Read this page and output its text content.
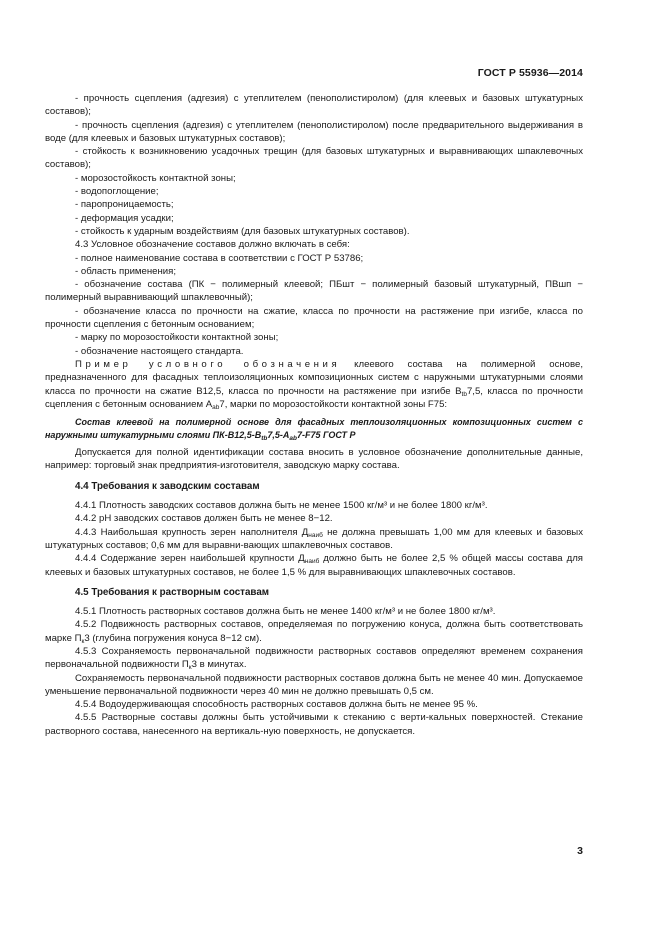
ГОСТ Р 55936—2014

- прочность сцепления (адгезия) с утеплителем (пенополистиролом) (для клеевых и базовых штукатурных составов);

- прочность сцепления (адгезия) с утеплителем (пенополистиролом) после предварительного выдерживания в воде (для клеевых и базовых штукатурных составов);

- стойкость к возникновению усадочных трещин (для базовых штукатурных и выравнивающих шпаклевочных составов);

- морозостойкость контактной зоны;

- водопоглощение;

- паропроницаемость;

- деформация усадки;

- стойкость к ударным воздействиям (для базовых штукатурных составов).

4.3 Условное обозначение составов должно включать в себя:

- полное наименование состава в соответствии с ГОСТ Р 53786;

- область применения;

- обозначение состава (ПК − полимерный клеевой; ПБшт − полимерный базовый штукатурный, ПВшп − полимерный выравнивающий шпаклевочный);

- обозначение класса по прочности на сжатие, класса по прочности на растяжение при изгибе, класса по прочности сцепления с бетонным основанием;

- марку по морозостойкости контактной зоны;

- обозначение настоящего стандарта.

Пример условного обозначения клеевого состава на полимерной основе, предназначенного для фасадных теплоизоляционных композиционных систем с наружными штукатурными слоями класса по прочности на сжатие B12,5, класса по прочности на растяжение при изгибе $B_{tb}7,5$, класса по прочности сцепления с бетонным основанием $A_{ab}7$, марки по морозостойкости контактной зоны F75:

Состав клеевой на полимерной основе для фасадных теплоизоляционных композиционных систем с наружными штукатурными слоями $ПК-B12,5-B_{tb}7,5-A_{ab}7-F75$ ГОСТ Р

Допускается для полной идентификации состава вносить в условное обозначение дополнительные данные, например: торговый знак предприятия-изготовителя, заводскую марку состава.

4.4 Требования к заводским составам

4.4.1 Плотность заводских составов должна быть не менее 1500 кг/м³ и не более 1800 кг/м³.

4.4.2 pH заводских составов должен быть не менее 8−12.

4.4.3 Наибольшая крупность зерен наполнителя $Д_{наиб}$ не должна превышать 1,00 мм для клеевых и базовых штукатурных составов; 0,6 мм для выравни-вающих шпаклевочных составов.

4.4.4 Содержание зерен наибольшей крупности $Д_{наиб}$ должно быть не более 2,5 % общей массы состава для клеевых и базовых штукатурных составов, не более 1,5 % для выравнивающих шпаклевочных составов.

4.5 Требования к растворным составам

4.5.1 Плотность растворных составов должна быть не менее 1400 кг/м³ и не более 1800 кг/м³.

4.5.2 Подвижность растворных составов, определяемая по погружению конуса, должна быть соответствовать марке $П_к3$ (глубина погружения конуса 8−12 см).

4.5.3 Сохраняемость первоначальной подвижности растворных составов определяют временем сохранения первоначальной подвижности $П_к3$ в минутах.

Сохраняемость первоначальной подвижности растворных составов должна быть не менее 40 мин. Допускаемое уменьшение первоначальной подвижности через 40 мин не должно превышать 0,5 см.

4.5.4 Водоудерживающая способность растворных составов должна быть не менее 95 %.

4.5.5 Растворные составы должны быть устойчивыми к стеканию с верти-кальных поверхностей. Стекание растворного состава, нанесенного на вертикаль-ную поверхность, не допускается.

3
